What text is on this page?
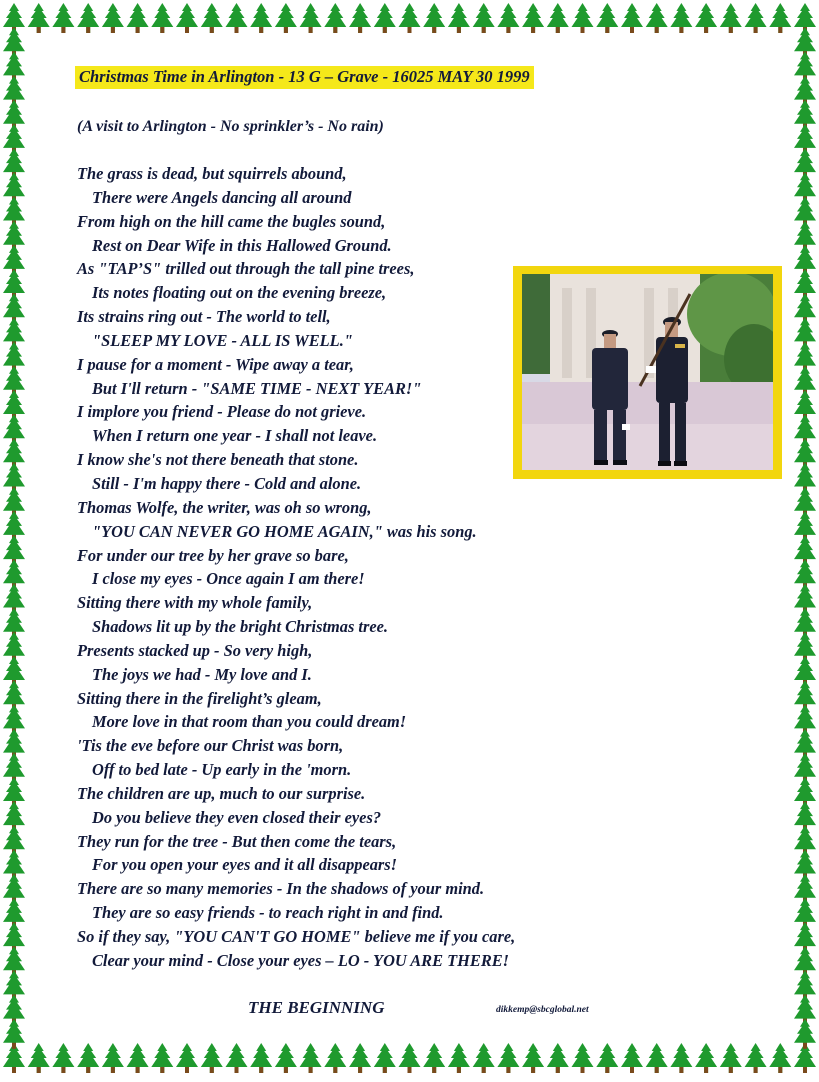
Christmas Time in Arlington - 13 G – Grave - 16025 MAY 30 1999
(A visit to Arlington - No sprinkler’s - No rain)
The grass is dead, but squirrels abound,
There were Angels dancing all around
From high on the hill came the bugles sound,
Rest on Dear Wife in this Hallowed Ground.
As "TAP’S" trilled out through the tall pine trees,
Its notes floating out on the evening breeze,
Its strains ring out - The world to tell,
"SLEEP MY LOVE - ALL IS WELL."
I pause for a moment - Wipe away a tear,
But I'll return - "SAME TIME - NEXT YEAR!"
I implore you friend - Please do not grieve.
When I return one year - I shall not leave.
I know she's not there beneath that stone.
Still - I'm happy there - Cold and alone.
Thomas Wolfe, the writer, was oh so wrong,
"YOU CAN NEVER GO HOME AGAIN," was his song.
For under our tree by her grave so bare,
I close my eyes - Once again I am there!
Sitting there with my whole family,
Shadows lit up by the bright Christmas tree.
Presents stacked up - So very high,
The joys we had - My love and I.
Sitting there in the firelight’s gleam,
More love in that room than you could dream!
'Tis the eve before our Christ was born,
Off to bed late - Up early in the 'morn.
The children are up, much to our surprise.
Do you believe they even closed their eyes?
They run for the tree - But then come the tears,
For you open your eyes and it all disappears!
There are so many memories - In the shadows of your mind.
They are so easy friends - to reach right in and find.
So if they say, "YOU CAN'T GO HOME" believe me if you care,
Clear your mind - Close your eyes – LO - YOU ARE THERE!
THE BEGINNING	dikkemp@sbcglobal.net
